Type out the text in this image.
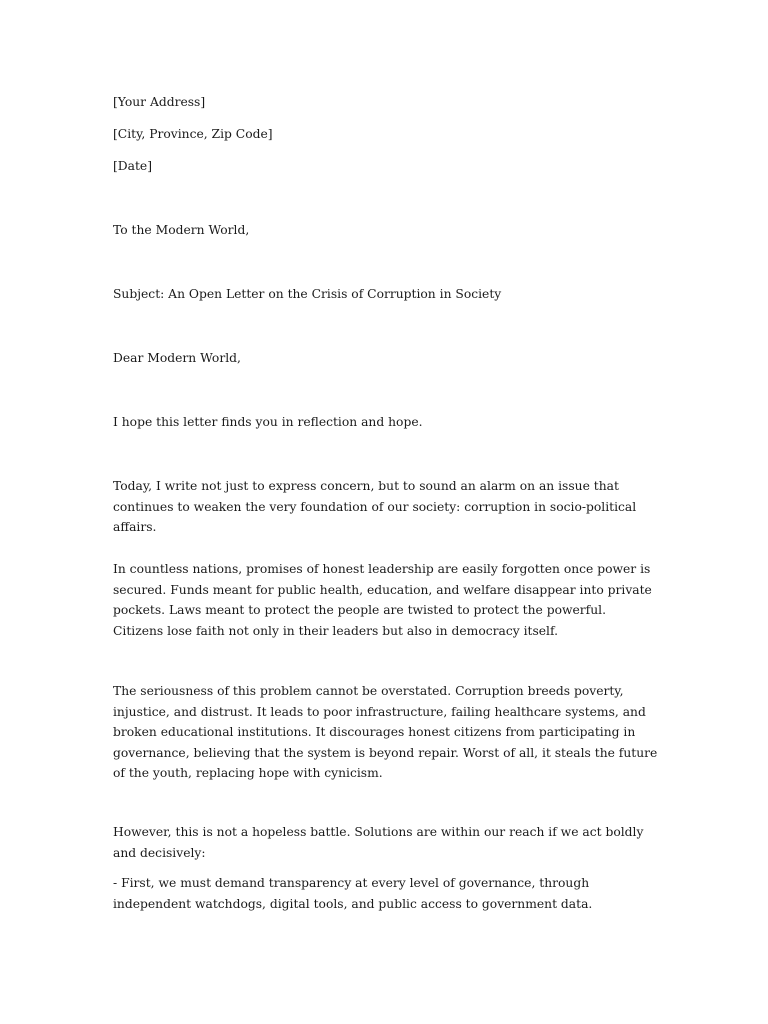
[Your Address]

[City, Province, Zip Code]

[Date]

To the Modern World,

Subject: An Open Letter on the Crisis of Corruption in Society

Dear Modern World,

I hope this letter finds you in reflection and hope.

Today, I write not just to express concern, but to sound an alarm on an issue that continues to weaken the very foundation of our society: corruption in socio-political affairs.

In countless nations, promises of honest leadership are easily forgotten once power is secured. Funds meant for public health, education, and welfare disappear into private pockets. Laws meant to protect the people are twisted to protect the powerful. Citizens lose faith not only in their leaders but also in democracy itself.

The seriousness of this problem cannot be overstated. Corruption breeds poverty, injustice, and distrust. It leads to poor infrastructure, failing healthcare systems, and broken educational institutions. It discourages honest citizens from participating in governance, believing that the system is beyond repair. Worst of all, it steals the future of the youth, replacing hope with cynicism.

However, this is not a hopeless battle. Solutions are within our reach if we act boldly and decisively:

- First, we must demand transparency at every level of governance, through independent watchdogs, digital tools, and public access to government data.
